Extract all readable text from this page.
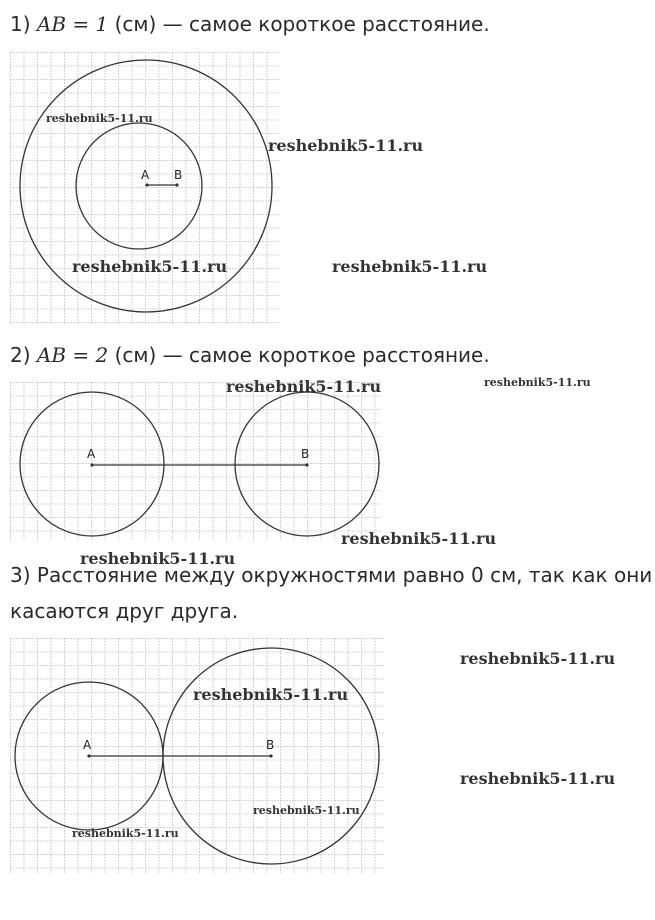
1) AB = 1 (см) — самое короткое расстояние.
2) AB = 2 (см) — самое короткое расстояние.
3) Расстояние между окружностями равно 0 см, так как они
касаются друг друга.
A B
A	B
A	B
reshebnik5-11.ru
reshebnik5-11.ru
reshebnik5-11.ru	reshebnik5-11.ru
reshebnik5-11.ru	reshebnik5-11.ru
reshebnik5-11.ru
reshebnik5-11.ru
reshebnik5-11.ru
reshebnik5-11.ru
reshebnik5-11.ru
reshebnik5-11.ru
reshebnik5-11.ru
